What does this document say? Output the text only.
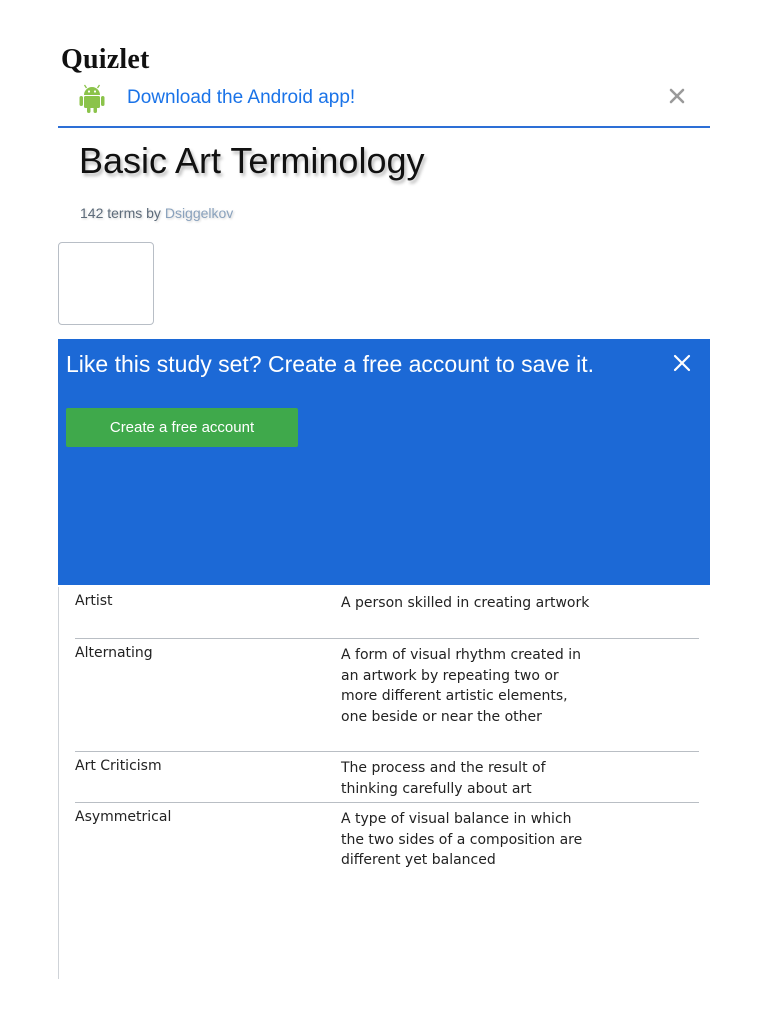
Quizlet
Download the Android app!
Basic Art Terminology
142 terms by Dsiggelkov
Like this study set? Create a free account to save it.
Create a free account
Artist	A person skilled in creating artwork
Alternating	A form of visual rhythm created in an artwork by repeating two or more different artistic elements, one beside or near the other
Art Criticism	The process and the result of thinking carefully about art
Asymmetrical	A type of visual balance in which the two sides of a composition are different yet balanced
